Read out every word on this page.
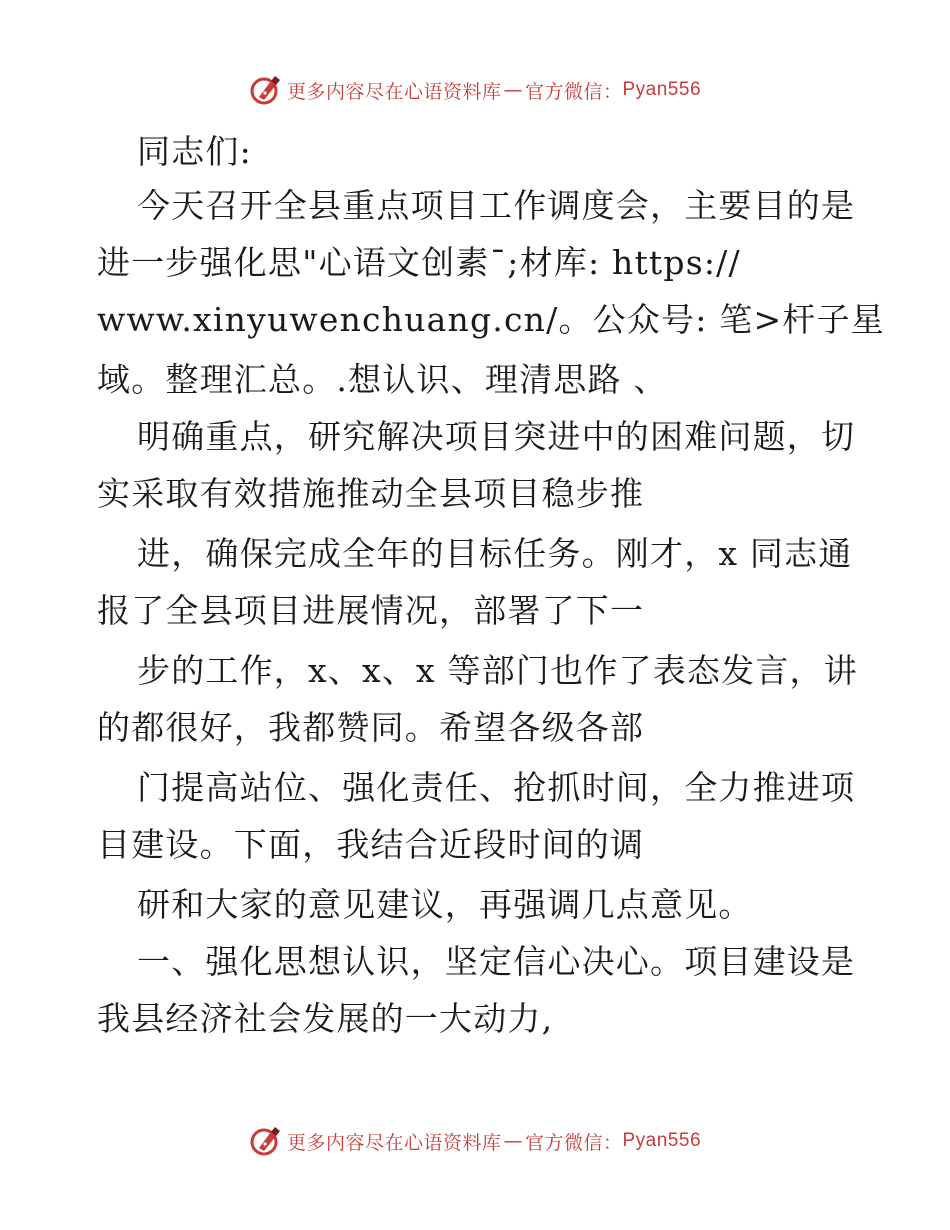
更多内容尽在心语资料库 — 官方微信： Pyan556
同志们:
今天召开全县重点项目工作调度会，主要目的是
进一步强化思"心语文创素¯;材库: https://
www.xinyuwenchuang.cn/。公众号: 笔>杆子星
域。整理汇总。.想认识、理清思路 、
明确重点，研究解决项目突进中的困难问题，切
实采取有效措施推动全县项目稳步推
进，确保完成全年的目标任务。刚才，x 同志通
报了全县项目进展情况，部署了下一
步的工作，x、x、x 等部门也作了表态发言，讲
的都很好，我都赞同。希望各级各部
门提高站位、强化责任、抢抓时间，全力推进项
目建设。下面，我结合近段时间的调
研和大家的意见建议，再强调几点意见。
一、强化思想认识，坚定信心决心。项目建设是
我县经济社会发展的一大动力,
更多内容尽在心语资料库 — 官方微信： Pyan556
